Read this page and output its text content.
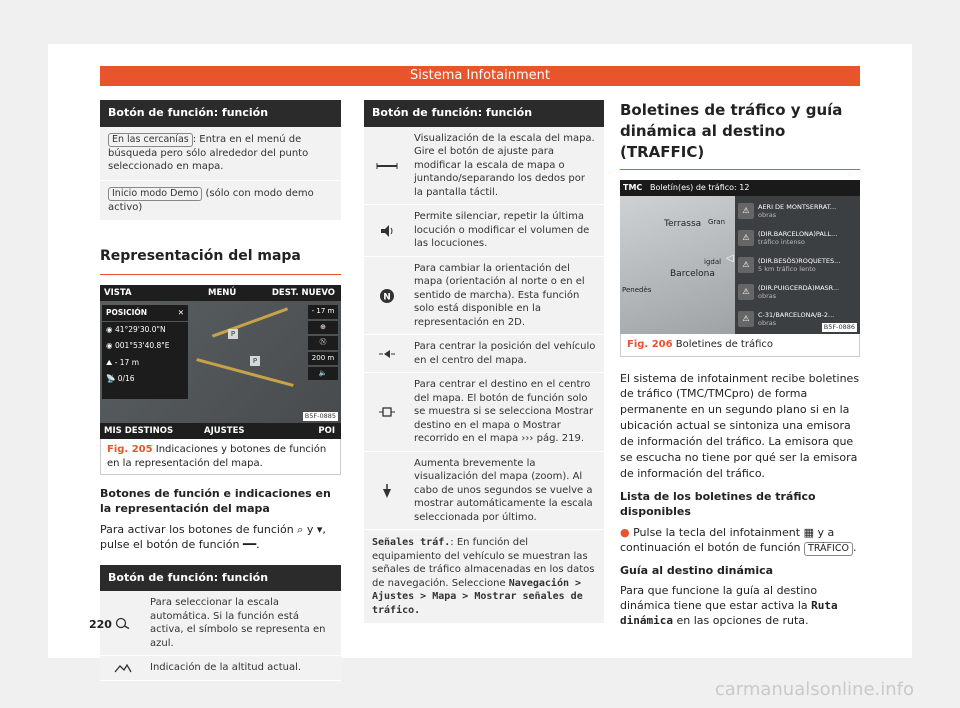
Sistema Infotainment
Botón de función: función
En las cercanías : Entra en el menú de búsqueda pero sólo alrededor del punto seleccionado en mapa.
Inicio modo Demo (sólo con modo demo activo)
Representación del mapa
VISTA	MENÚ	DEST. NUEVO
P
P
POSICIÓN	✕
◉ 41°29'30.0"N
◉ 001°53'40.8"E
⛰ - 17 m
📡 0/16
- 17 m
⊕
Ⓝ
200 m
🔈
MIS DESTINOS	AJUSTES	POI
B5F-0885
Fig. 205 Indicaciones y botones de función en la representación del mapa.

Botones de función e indicaciones en la representación del mapa

Para activar los botones de función ⌕ y ▾, pulse el botón de función ━━.

Botón de función: función
Para seleccionar la escala automática. Si la función está activa, el símbolo se representa en azul.
Indicación de la altitud actual.
Botón de función: función
Visualización de la escala del mapa. Gire el botón de ajuste para modificar la escala de mapa o juntando/separando los dedos por la pantalla táctil.
Permite silenciar, repetir la última locución o modificar el volumen de las locuciones.
N
Para cambiar la orientación del mapa (orientación al norte o en el sentido de marcha). Esta función solo está disponible en la representación en 2D.
Para centrar la posición del vehículo en el centro del mapa.
Para centrar el destino en el centro del mapa. El botón de función solo se muestra si se selecciona Mostrar destino en el mapa o Mostrar recorrido en el mapa ››› pág. 219.
Aumenta brevemente la visualización del mapa (zoom). Al cabo de unos segundos se vuelve a mostrar automáticamente la escala seleccionada por último.
Señales tráf.: En función del equipamiento del vehículo se muestran las señales de tráfico almacenadas en los datos de navegación. Seleccione Navegación > Ajustes > Mapa > Mostrar señales de tráfico.
Boletines de tráfico y guía dinámica al destino (TRAFFIC)
TMC Boletín(es) de tráfico: 12
Terrassa
Barcelona
Penedès
Gran
igdal ◁
⚠	AERI DE MONTSERRAT...
obras
⚠	(DIR.BARCELONA)PALL...
tráfico intenso
⚠	(DIR.BESÒS)ROQUETES...
5 km tráfico lento
⚠	(DIR.PUIGCERDÀ)MASR...
obras
⚠	C-31/BARCELONA/B-2...
obras
B5F-0886
Fig. 206 Boletines de tráfico

El sistema de infotainment recibe boletines de tráfico (TMC/TMCpro) de forma permanente en un segundo plano si en la ubicación actual se sintoniza una emisora de información del tráfico. La emisora que se escucha no tiene por qué ser la emisora de información del tráfico.

Lista de los boletines de tráfico disponibles

● Pulse la tecla del infotainment ▦ y a continuación el botón de función TRÁFICO .

Guía al destino dinámica

Para que funcione la guía al destino dinámica tiene que estar activa la Ruta dinámica en las opciones de ruta.

220
carmanualsonline.info
